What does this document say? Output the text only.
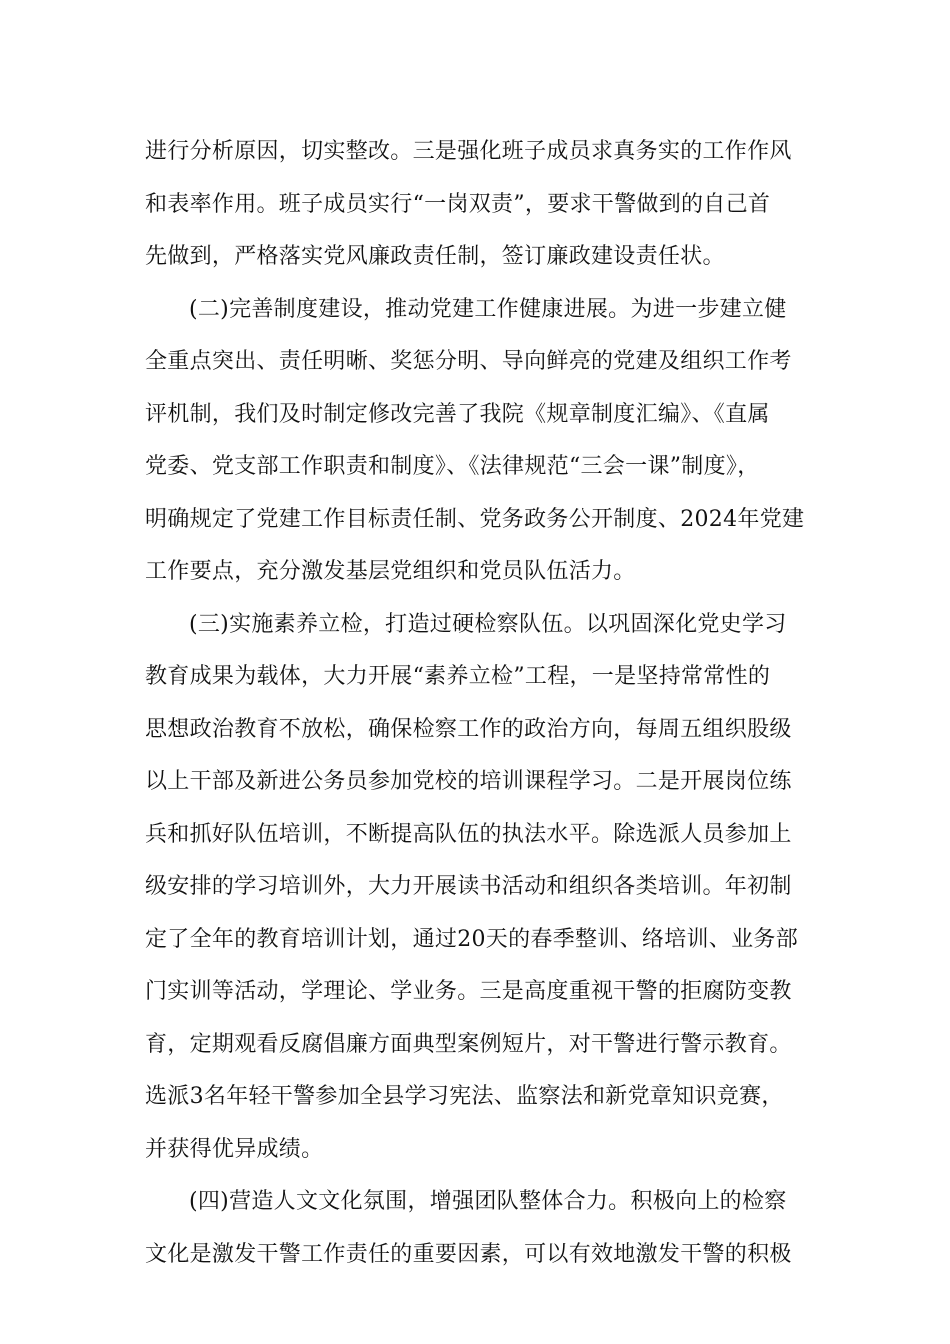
进行分析原因，切实整改。三是强化班子成员求真务实的工作作风
和表率作用。班子成员实行“一岗双责”，要求干警做到的自己首
先做到，严格落实党风廉政责任制，签订廉政建设责任状。
(二)完善制度建设，推动党建工作健康进展。为进一步建立健
全重点突出、责任明晰、奖惩分明、导向鲜亮的党建及组织工作考
评机制，我们及时制定修改完善了我院《规章制度汇编》、《直属
党委、党支部工作职责和制度》、《法律规范“三会一课”制度》，
明确规定了党建工作目标责任制、党务政务公开制度、2024年党建
工作要点，充分激发基层党组织和党员队伍活力。
(三)实施素养立检，打造过硬检察队伍。以巩固深化党史学习
教育成果为载体，大力开展“素养立检”工程，一是坚持常常性的
思想政治教育不放松，确保检察工作的政治方向，每周五组织股级
以上干部及新进公务员参加党校的培训课程学习。二是开展岗位练
兵和抓好队伍培训，不断提高队伍的执法水平。除选派人员参加上
级安排的学习培训外，大力开展读书活动和组织各类培训。年初制
定了全年的教育培训计划，通过20天的春季整训、络培训、业务部
门实训等活动，学理论、学业务。三是高度重视干警的拒腐防变教
育，定期观看反腐倡廉方面典型案例短片，对干警进行警示教育。
选派3名年轻干警参加全县学习宪法、监察法和新党章知识竞赛，
并获得优异成绩。
(四)营造人文文化氛围，增强团队整体合力。积极向上的检察
文化是激发干警工作责任的重要因素，可以有效地激发干警的积极
